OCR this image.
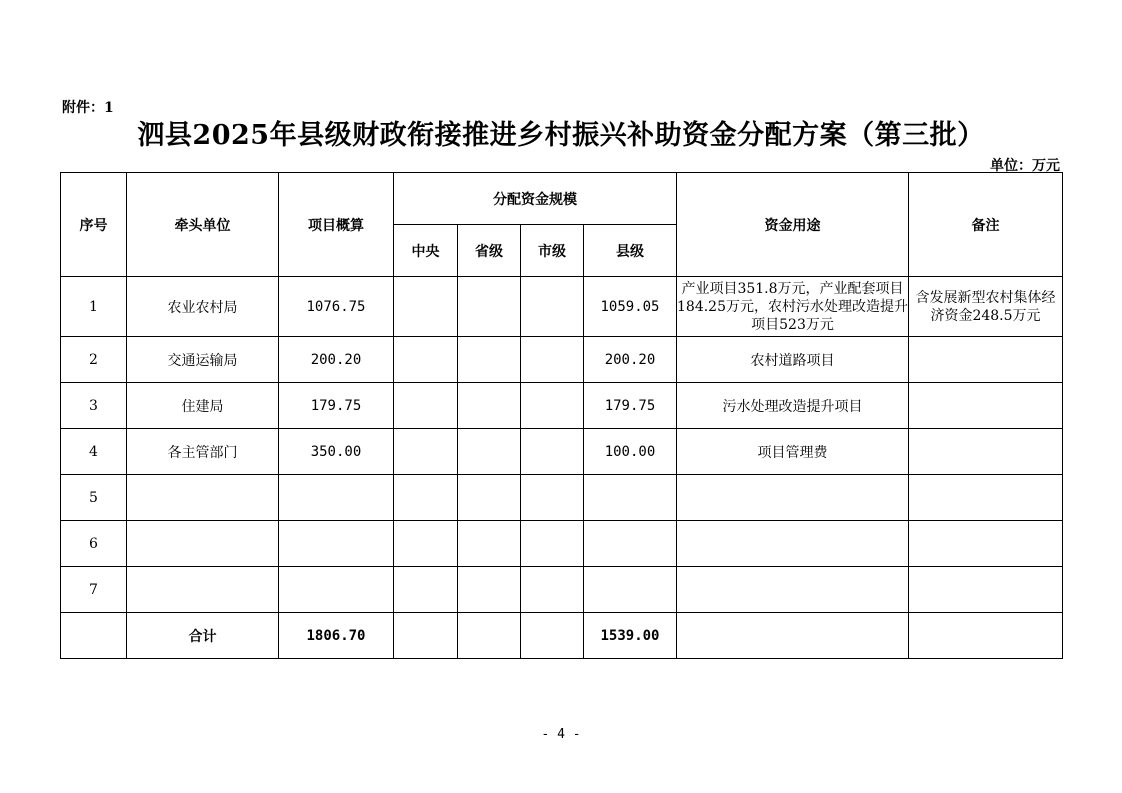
附件：1
泗县2025年县级财政衔接推进乡村振兴补助资金分配方案（第三批）
单位：万元
序号	牵头单位	项目概算	分配资金规模				资金用途	备注
			中央	省级	市级	县级		
1	农业农村局	1076.75				1059.05	产业项目351.8万元，产业配套项目184.25万元，农村污水处理改造提升项目523万元	含发展新型农村集体经济资金248.5万元
2	交通运输局	200.20				200.20	农村道路项目	
3	住建局	179.75				179.75	污水处理改造提升项目	
4	各主管部门	350.00				100.00	项目管理费	
5								
6								
7								
	合计	1806.70				1539.00		
- 4 -
